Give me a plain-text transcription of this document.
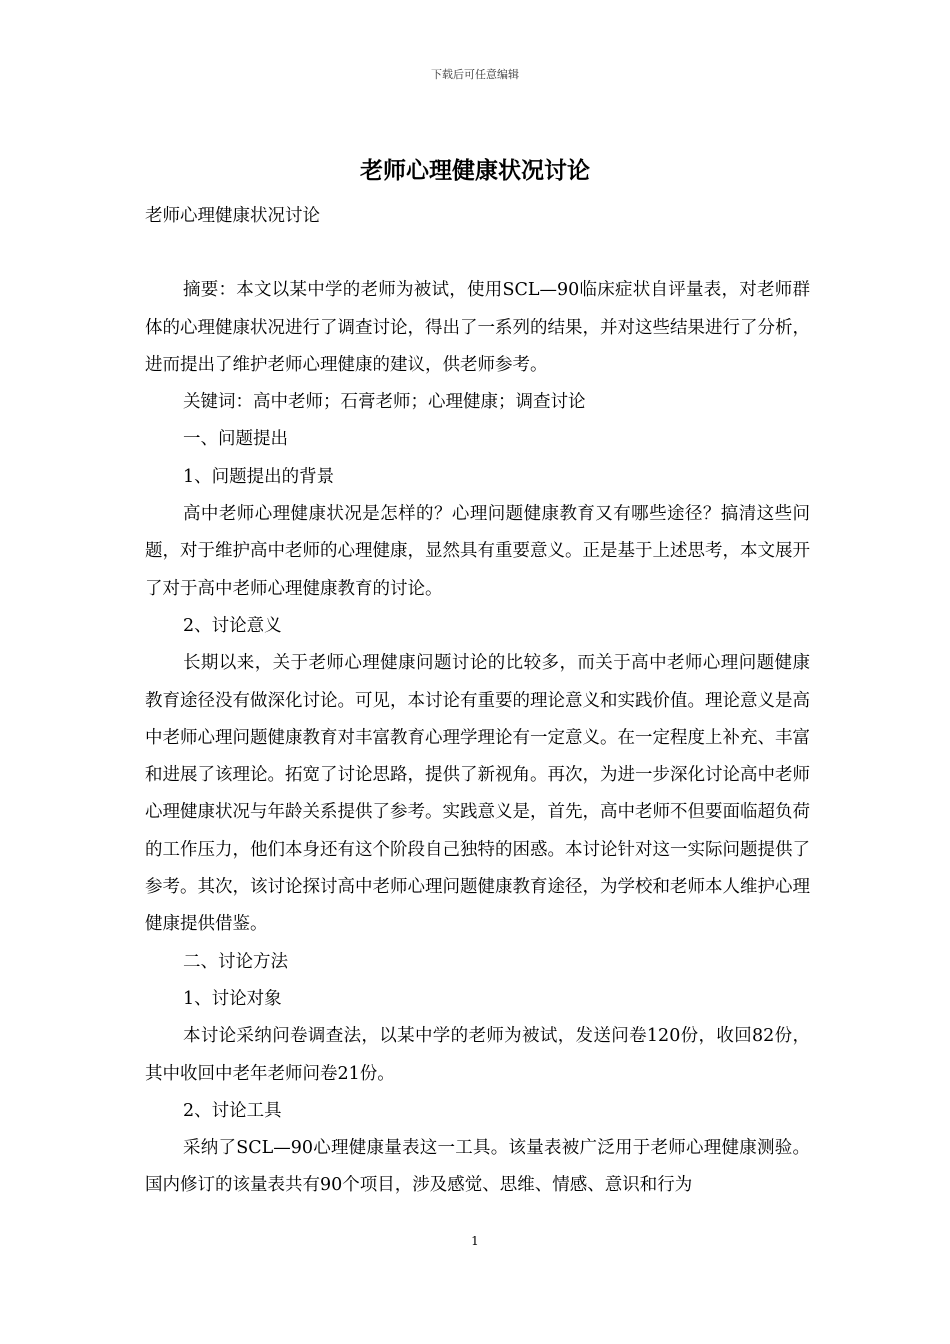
下载后可任意编辑
老师心理健康状况讨论

老师心理健康状况讨论

摘要：本文以某中学的老师为被试，使用SCL—90临床症状自评量表，对老师群体的心理健康状况进行了调查讨论，得出了一系列的结果，并对这些结果进行了分析，进而提出了维护老师心理健康的建议，供老师参考。

关键词：高中老师；石膏老师；心理健康；调查讨论

一、问题提出

1、问题提出的背景

高中老师心理健康状况是怎样的？心理问题健康教育又有哪些途径？搞清这些问题，对于维护高中老师的心理健康，显然具有重要意义。正是基于上述思考，本文展开了对于高中老师心理健康教育的讨论。

2、讨论意义

长期以来，关于老师心理健康问题讨论的比较多，而关于高中老师心理问题健康教育途径没有做深化讨论。可见，本讨论有重要的理论意义和实践价值。理论意义是高中老师心理问题健康教育对丰富教育心理学理论有一定意义。在一定程度上补充、丰富和进展了该理论。拓宽了讨论思路，提供了新视角。再次，为进一步深化讨论高中老师心理健康状况与年龄关系提供了参考。实践意义是，首先，高中老师不但要面临超负荷的工作压力，他们本身还有这个阶段自己独特的困惑。本讨论针对这一实际问题提供了参考。其次，该讨论探讨高中老师心理问题健康教育途径，为学校和老师本人维护心理健康提供借鉴。

二、讨论方法

1、讨论对象

本讨论采纳问卷调查法，以某中学的老师为被试，发送问卷120份，收回82份，其中收回中老年老师问卷21份。

2、讨论工具

采纳了SCL—90心理健康量表这一工具。该量表被广泛用于老师心理健康测验。国内修订的该量表共有90个项目，涉及感觉、思维、情感、意识和行为

1
